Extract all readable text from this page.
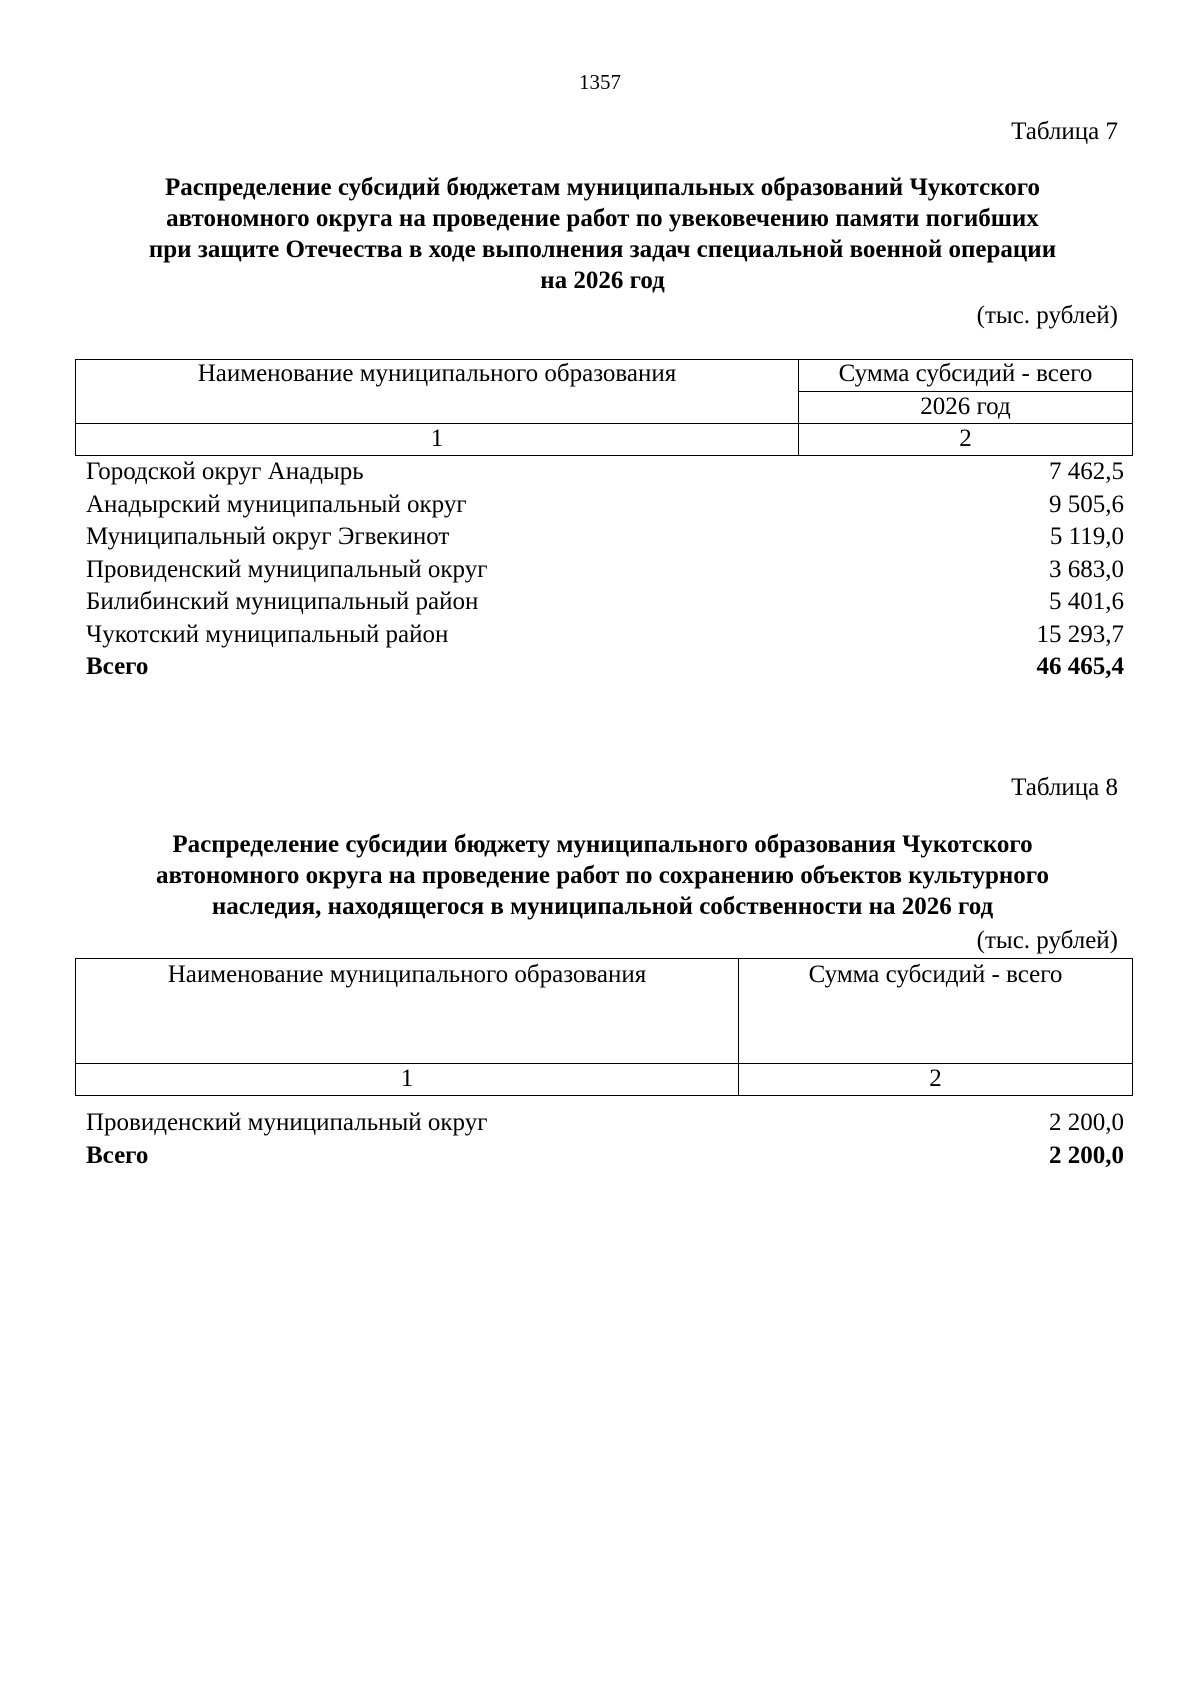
1357
Таблица 7
Распределение субсидий бюджетам муниципальных образований Чукотского
автономного округа на проведение работ по увековечению памяти погибших
при защите Отечества в ходе выполнения задач специальной военной операции
на 2026 год
(тыс. рублей)
Наименование муниципального образования	Сумма субсидий - всего
	2026 год
1	2
Городской округ Анадырь	7 462,5
Анадырский муниципальный округ	9 505,6
Муниципальный округ Эгвекинот	5 119,0
Провиденский муниципальный округ	3 683,0
Билибинский муниципальный район	5 401,6
Чукотский муниципальный район	15 293,7
Всего	46 465,4
Таблица 8
Распределение субсидии бюджету муниципального образования Чукотского
автономного округа на проведение работ по сохранению объектов культурного
наследия, находящегося в муниципальной собственности на 2026 год
(тыс. рублей)
Наименование муниципального образования	Сумма субсидий - всего
1	2
Провиденский муниципальный округ	2 200,0
Всего	2 200,0
